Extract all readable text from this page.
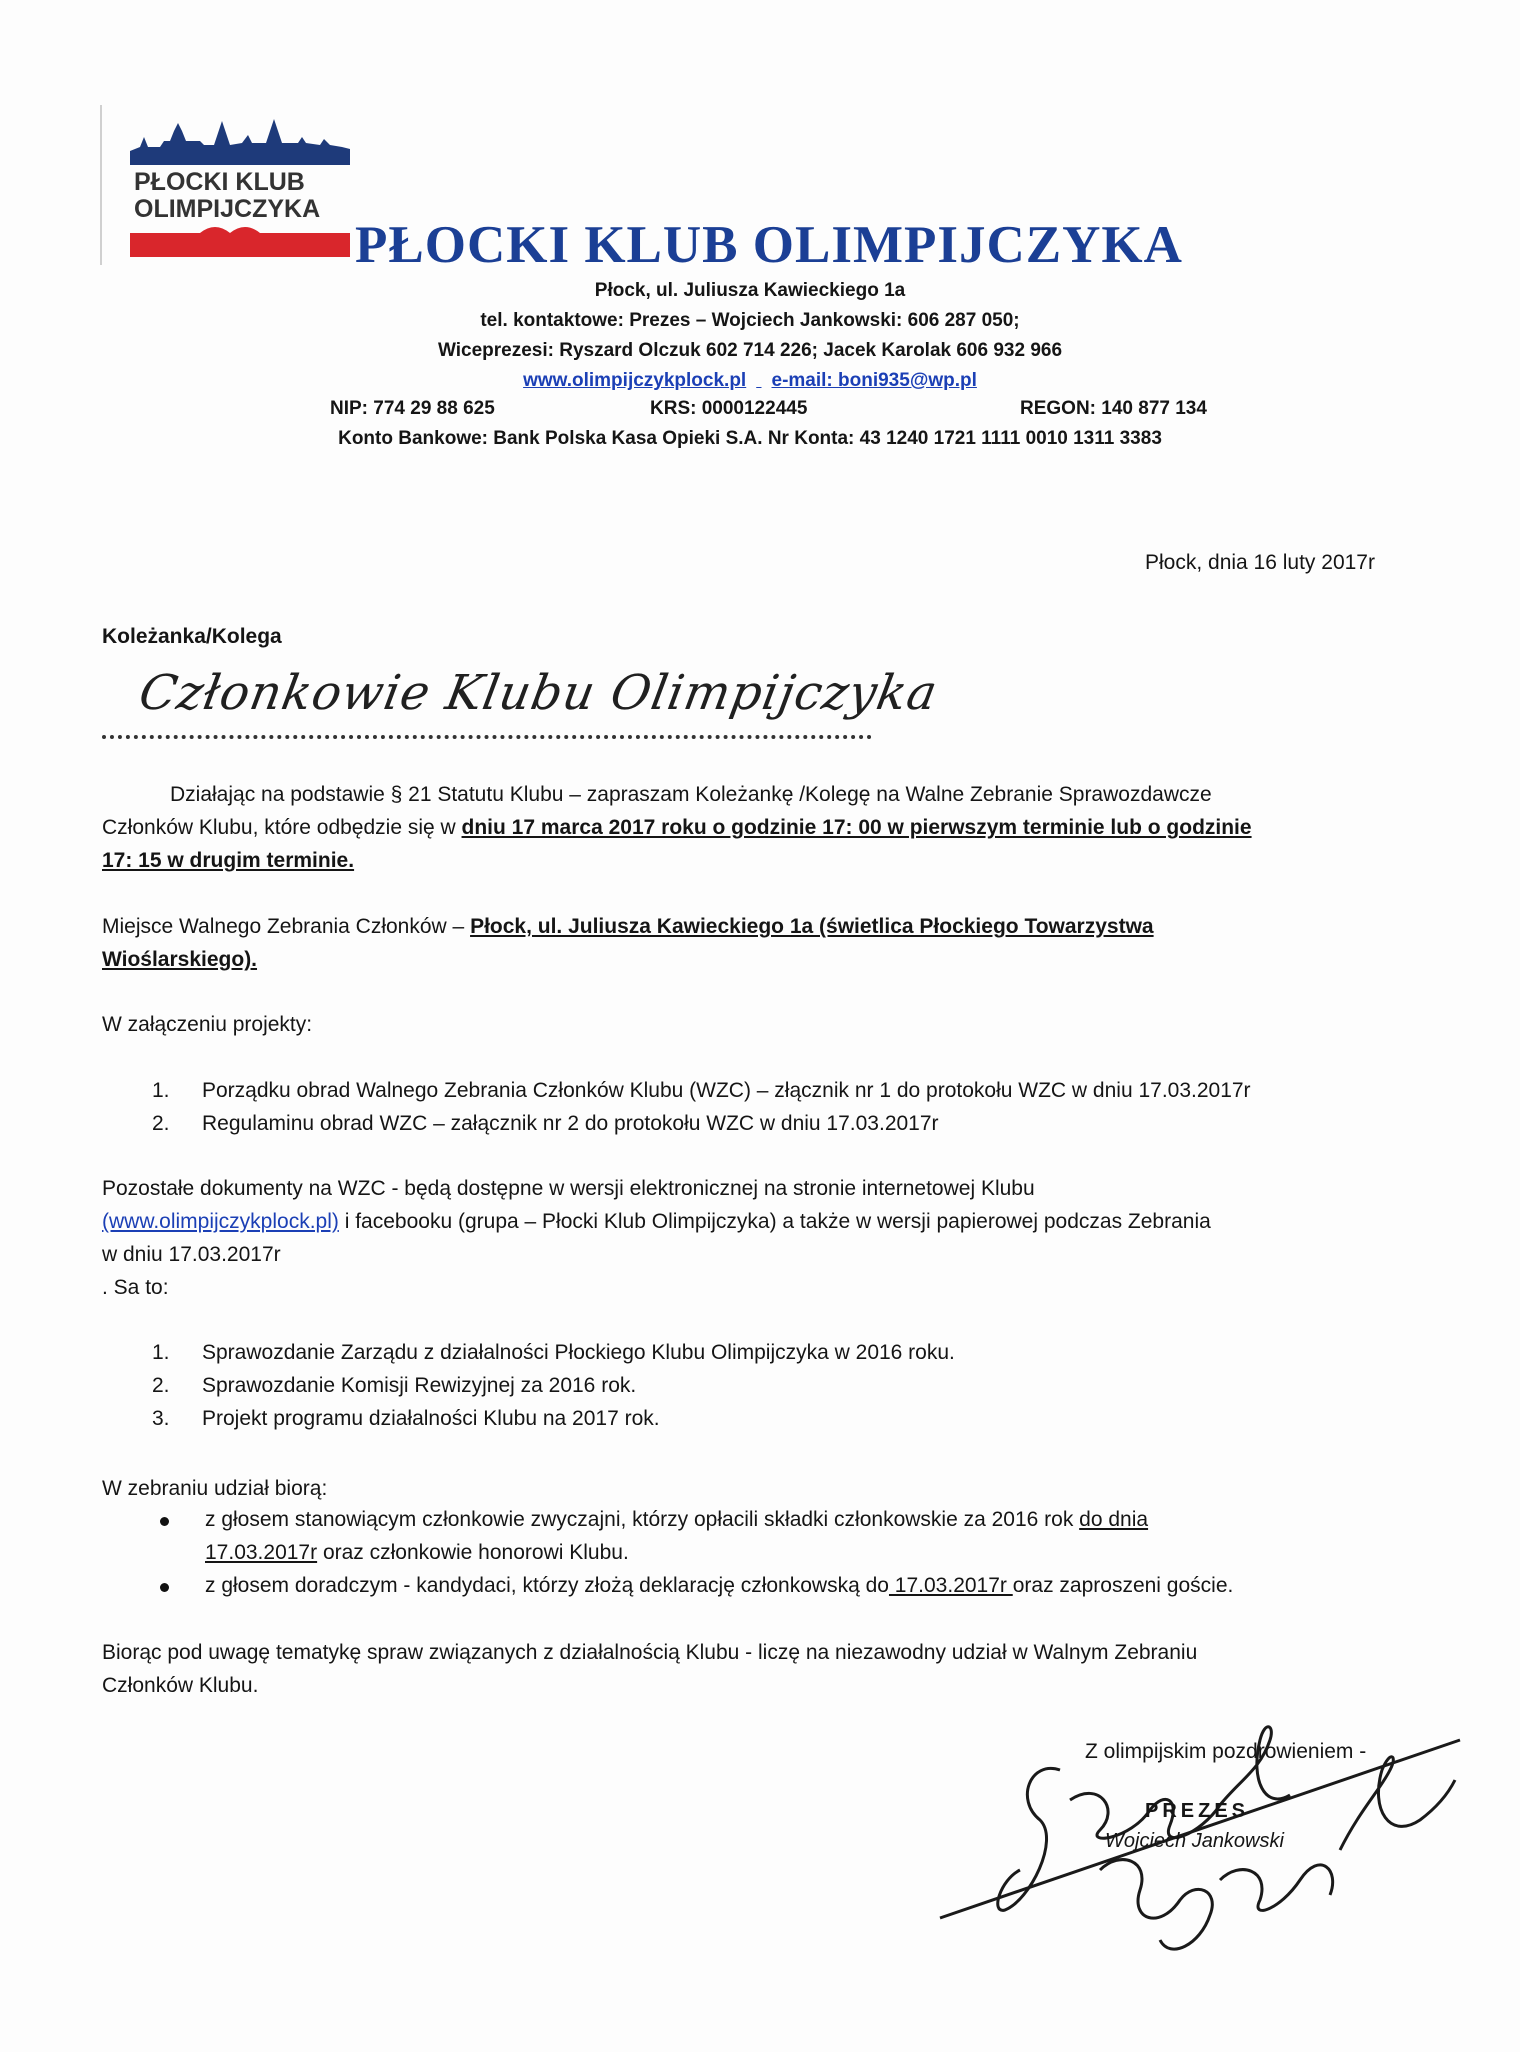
PŁOCKI KLUB
OLIMPIJCZYKA
PŁOCKI KLUB OLIMPIJCZYKA
Płock, ul. Juliusza Kawieckiego 1a
tel. kontaktowe: Prezes – Wojciech Jankowski: 606 287 050;
Wiceprezesi: Ryszard Olczuk 602 714 226; Jacek Karolak 606 932 966
www.olimpijczykplock.pl e-mail: boni935@wp.pl
NIP: 774 29 88 625	KRS: 0000122445	REGON: 140 877 134
Konto Bankowe: Bank Polska Kasa Opieki S.A. Nr Konta: 43 1240 1721 1111 0010 1311 3383
Płock, dnia 16 luty 2017r
Koleżanka/Kolega
Członkowie Klubu Olimpijczyka
Działając na podstawie § 21 Statutu Klubu – zapraszam Koleżankę /Kolegę na Walne Zebranie Sprawozdawcze
Członków Klubu, które odbędzie się w dniu 17 marca 2017 roku o godzinie 17: 00 w pierwszym terminie lub o godzinie
17: 15 w drugim terminie.
Miejsce Walnego Zebrania Członków – Płock, ul. Juliusza Kawieckiego 1a (świetlica Płockiego Towarzystwa
Wioślarskiego).
W załączeniu projekty:
1.	Porządku obrad Walnego Zebrania Członków Klubu (WZC) – złącznik nr 1 do protokołu WZC w dniu 17.03.2017r
2.	Regulaminu obrad WZC – załącznik nr 2 do protokołu WZC w dniu 17.03.2017r
Pozostałe dokumenty na WZC - będą dostępne w wersji elektronicznej na stronie internetowej Klubu
(www.olimpijczykplock.pl) i facebooku (grupa – Płocki Klub Olimpijczyka) a także w wersji papierowej podczas Zebrania
w dniu 17.03.2017r
. Sa to:
1.	Sprawozdanie Zarządu z działalności Płockiego Klubu Olimpijczyka w 2016 roku.
2.	Sprawozdanie Komisji Rewizyjnej za 2016 rok.
3.	Projekt programu działalności Klubu na 2017 rok.
W zebraniu udział biorą:
z głosem stanowiącym członkowie zwyczajni, którzy opłacili składki członkowskie za 2016 rok do dnia
17.03.2017r oraz członkowie honorowi Klubu.
z głosem doradczym - kandydaci, którzy złożą deklarację członkowską do 17.03.2017r oraz zaproszeni goście.
Biorąc pod uwagę tematykę spraw związanych z działalnością Klubu - liczę na niezawodny udział w Walnym Zebraniu
Członków Klubu.
Z olimpijskim pozdrowieniem -
PREZES
Wojciech Jankowski
